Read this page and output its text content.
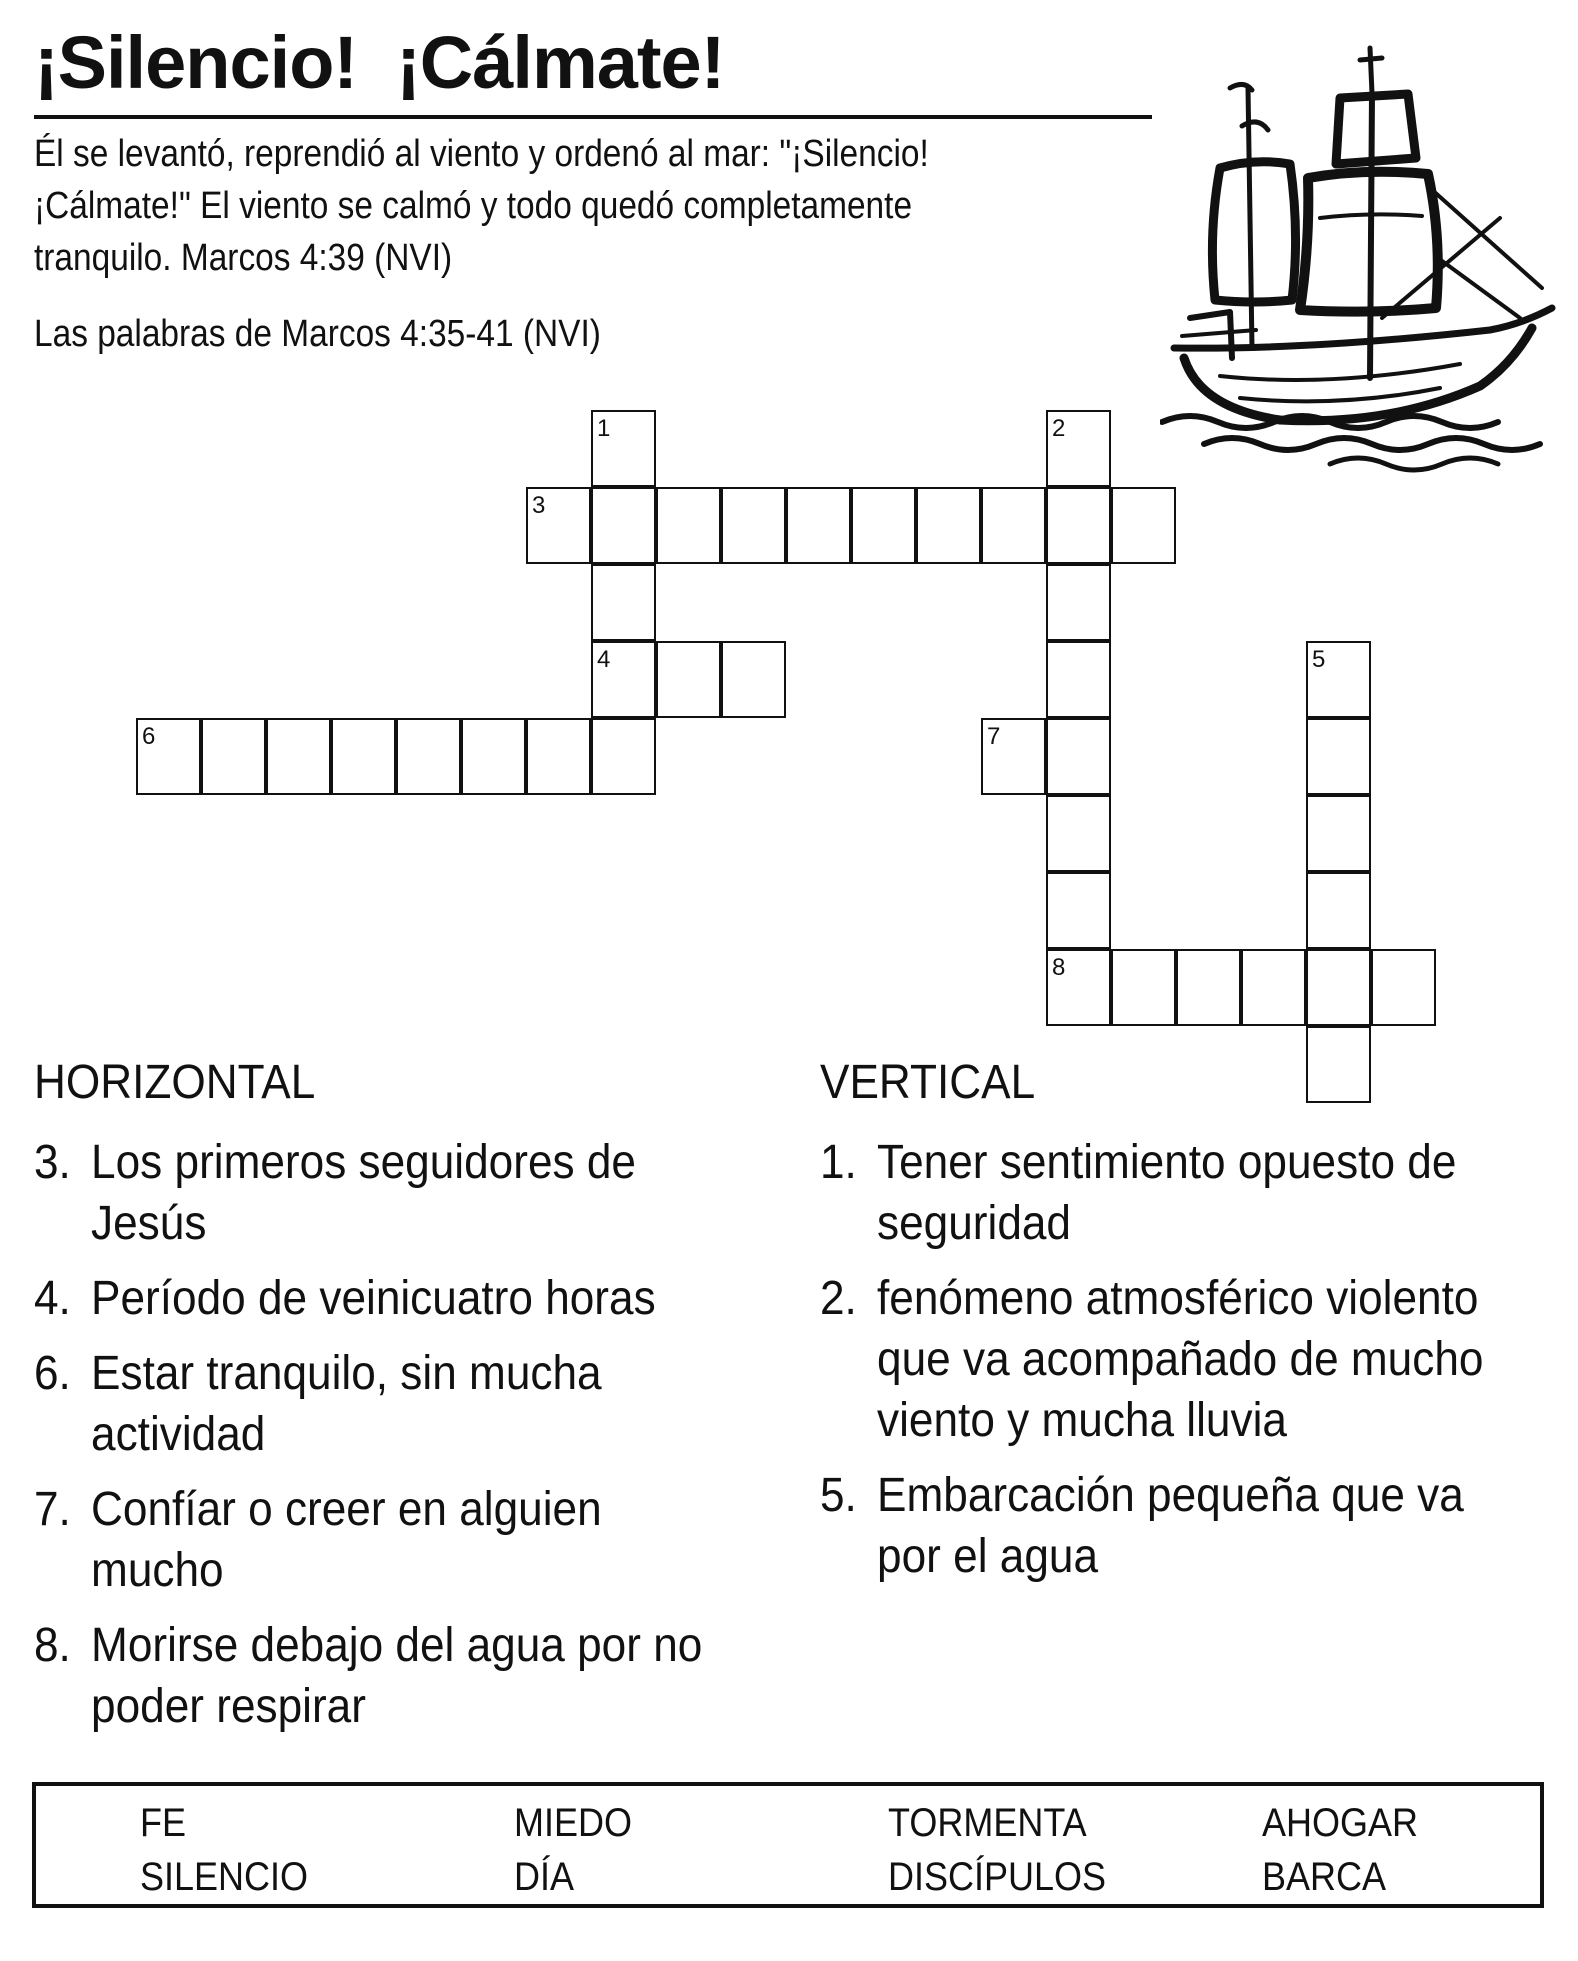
¡Silencio!  ¡Cálmate!

Él se levantó, reprendió al viento y ordenó al mar: "¡Silencio! ¡Cálmate!" El viento se calmó y todo quedó completamente tranquilo. Marcos 4:39 (NVI)

Las palabras de Marcos 4:35-41 (NVI)

1
4
2
8
3
5
6	7
HORIZONTAL
3. Los primeros seguidores de Jesús
4. Período de veinicuatro horas
6. Estar tranquilo, sin mucha actividad
7. Confíar o creer en alguien mucho
8. Morirse debajo del agua por no poder respirar
VERTICAL
1. Tener sentimiento opuesto de seguridad
2. fenómeno atmosférico violento que va acompañado de mucho viento y mucha lluvia
5. Embarcación pequeña que va por el agua
FE	MIEDO	TORMENTA	AHOGAR
SILENCIO	DÍA	DISCÍPULOS	BARCA
